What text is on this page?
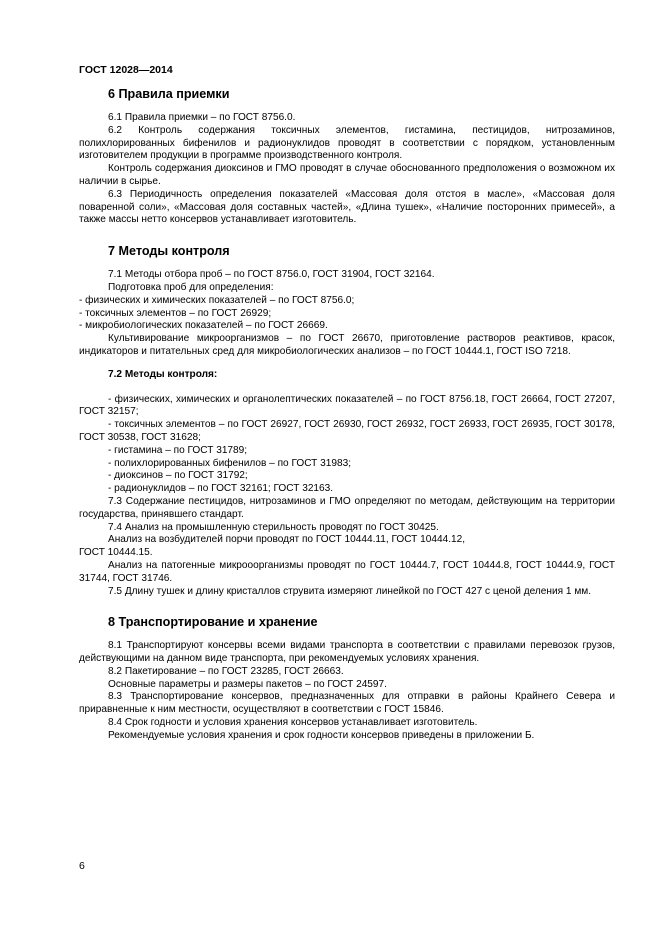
ГОСТ 12028—2014
6 Правила приемки

6.1 Правила приемки – по ГОСТ 8756.0.

6.2 Контроль содержания токсичных элементов, гистамина, пестицидов, нитрозаминов, полихлорированных бифенилов и радионуклидов проводят в соответствии с порядком, установленным изготовителем продукции в программе производственного контроля.

Контроль содержания диоксинов и ГМО проводят в случае обоснованного предположения о возможном их наличии в сырье.

6.3 Периодичность определения показателей «Массовая доля отстоя в масле», «Массовая доля поваренной соли», «Массовая доля составных частей», «Длина тушек», «Наличие посторонних примесей», а также массы нетто консервов устанавливает изготовитель.

7 Методы контроля

7.1 Методы отбора проб – по ГОСТ 8756.0, ГОСТ 31904, ГОСТ 32164.

Подготовка проб для определения:

- физических и химических показателей – по ГОСТ 8756.0;

- токсичных элементов – по ГОСТ 26929;

- микробиологических показателей – по ГОСТ 26669.

Культивирование микроорганизмов – по ГОСТ 26670, приготовление растворов реактивов, красок, индикаторов и питательных сред для микробиологических анализов – по ГОСТ 10444.1, ГОСТ ISO 7218.

7.2 Методы контроля:

- физических, химических и органолептических показателей – по ГОСТ 8756.18, ГОСТ 26664, ГОСТ 27207, ГОСТ 32157;

- токсичных элементов – по ГОСТ 26927, ГОСТ 26930, ГОСТ 26932, ГОСТ 26933, ГОСТ 26935, ГОСТ 30178, ГОСТ 30538, ГОСТ 31628;

- гистамина – по ГОСТ 31789;

- полихлорированных бифенилов – по ГОСТ 31983;

- диоксинов – по ГОСТ 31792;

- радионуклидов – по ГОСТ 32161; ГОСТ 32163.

7.3 Содержание пестицидов, нитрозаминов и ГМО определяют по методам, действующим на территории государства, принявшего стандарт.

7.4 Анализ на промышленную стерильность проводят по ГОСТ 30425.

Анализ на возбудителей порчи проводят по ГОСТ 10444.11, ГОСТ 10444.12,

ГОСТ 10444.15.

Анализ на патогенные микрооорганизмы проводят по ГОСТ 10444.7, ГОСТ 10444.8, ГОСТ 10444.9, ГОСТ 31744, ГОСТ 31746.

7.5 Длину тушек и длину кристаллов струвита измеряют линейкой по ГОСТ 427 с ценой деления 1 мм.

8 Транспортирование и хранение

8.1 Транспортируют консервы всеми видами транспорта в соответствии с правилами перевозок грузов, действующими на данном виде транспорта, при рекомендуемых условиях хранения.

8.2 Пакетирование – по ГОСТ 23285, ГОСТ 26663.

Основные параметры и размеры пакетов – по ГОСТ 24597.

8.3 Транспортирование консервов, предназначенных для отправки в районы Крайнего Севера и приравненные к ним местности, осуществляют в соответствии с ГОСТ 15846.

8.4 Срок годности и условия хранения консервов устанавливает изготовитель.

Рекомендуемые условия хранения и срок годности консервов приведены в приложении Б.

6
